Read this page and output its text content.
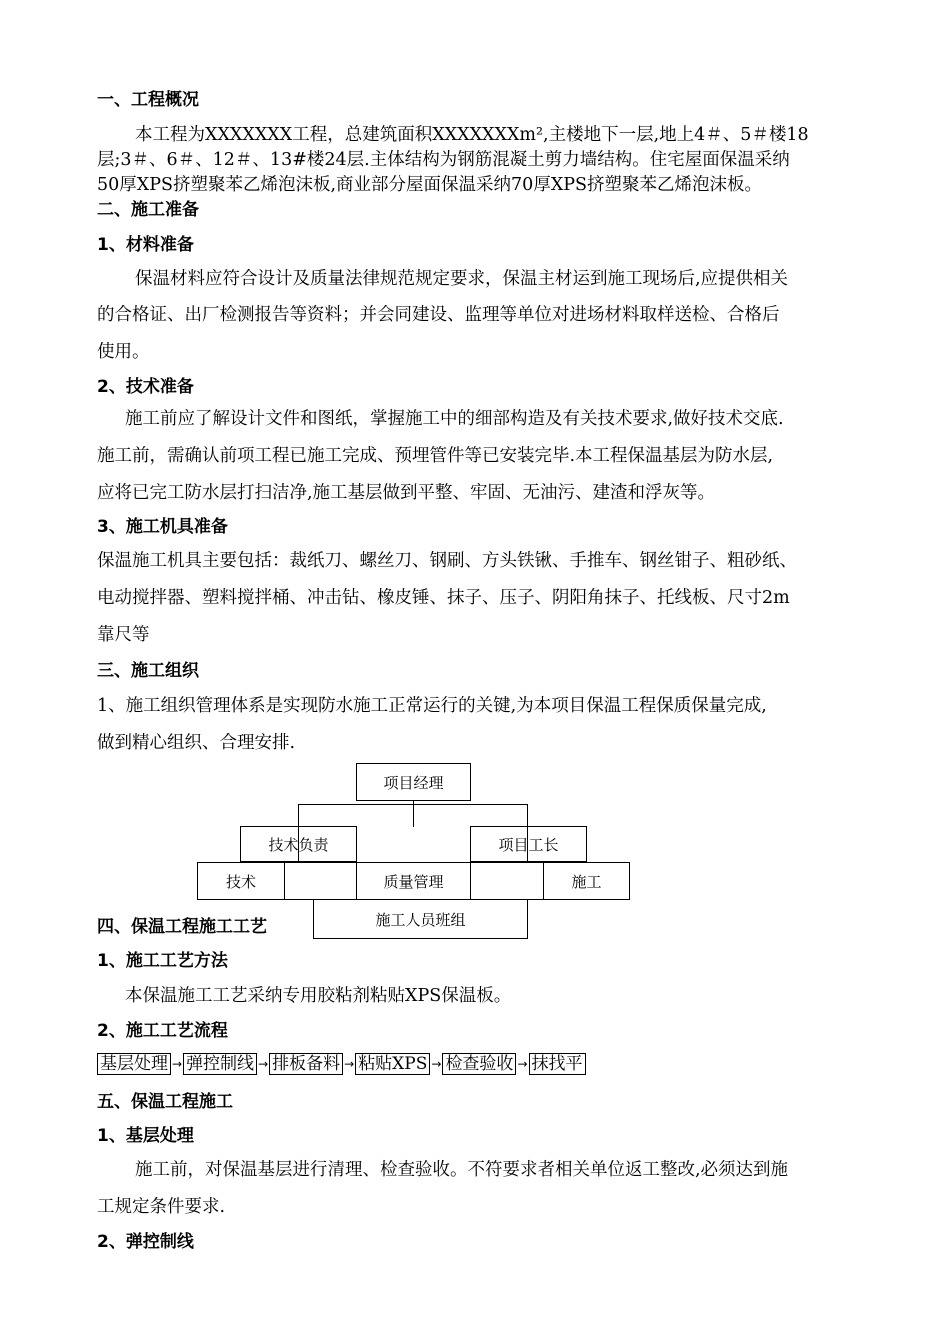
一、工程概况
本工程为XXXXXXX工程，总建筑面积XXXXXXXm²,主楼地下一层,地上4＃、5＃楼18
层;3＃、6＃、12＃、13#楼24层.主体结构为钢筋混凝土剪力墙结构。住宅屋面保温采纳
50厚XPS挤塑聚苯乙烯泡沫板,商业部分屋面保温采纳70厚XPS挤塑聚苯乙烯泡沫板。
二、施工准备
1、材料准备
保温材料应符合设计及质量法律规范规定要求，保温主材运到施工现场后,应提供相关
的合格证、出厂检测报告等资料；并会同建设、监理等单位对进场材料取样送检、合格后
使用。
2、技术准备
施工前应了解设计文件和图纸，掌握施工中的细部构造及有关技术要求,做好技术交底.
施工前，需确认前项工程已施工完成、预埋管件等已安装完毕.本工程保温基层为防水层,
应将已完工防水层打扫洁净,施工基层做到平整、牢固、无油污、建渣和浮灰等。
3、施工机具准备
保温施工机具主要包括：裁纸刀、螺丝刀、钢刷、方头铁锹、手推车、钢丝钳子、粗砂纸、
电动搅拌器、塑料搅拌桶、冲击钻、橡皮锤、抹子、压子、阴阳角抹子、托线板、尺寸2m
靠尺等
三、施工组织
1、施工组织管理体系是实现防水施工正常运行的关键,为本项目保温工程保质保量完成,
做到精心组织、合理安排.
项目经理
技术负责	项目工长
技术	质量管理	施工
施工人员班组
四、保温工程施工工艺
1、施工工艺方法
本保温施工工艺采纳专用胶粘剂粘贴XPS保温板。
2、施工工艺流程
基层处理 → 弹控制线 → 排板备料 → 粘贴XPS → 检查验收 → 抹找平
五、保温工程施工
1、基层处理
施工前，对保温基层进行清理、检查验收。不符要求者相关单位返工整改,必须达到施
工规定条件要求.
2、弹控制线
